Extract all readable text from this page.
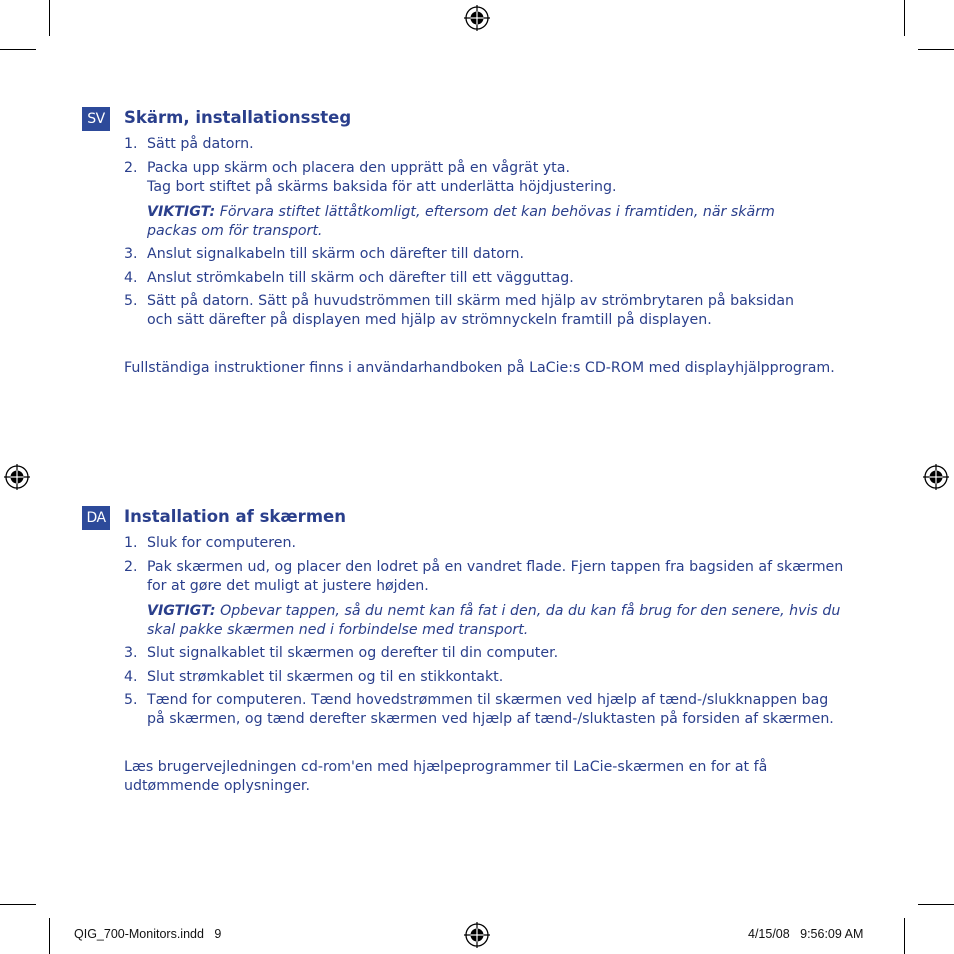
SV	Skärm, installationssteg
1. Sätt på datorn.
2. Packa upp skärm och placera den upprätt på en vågrät yta.
Tag bort stiftet på skärms baksida för att underlätta höjdjustering.
VIKTIGT: Förvara stiftet lättåtkomligt, eftersom det kan behövas i framtiden, när skärm
packas om för transport.
3. Anslut signalkabeln till skärm och därefter till datorn.
4. Anslut strömkabeln till skärm och därefter till ett vägguttag.
5. Sätt på datorn. Sätt på huvudströmmen till skärm med hjälp av strömbrytaren på baksidan
och sätt därefter på displayen med hjälp av strömnyckeln framtill på displayen.
Fullständiga instruktioner finns i användarhandboken på LaCie:s CD-ROM med displayhjälpprogram.
DA Installation af skærmen
1. Sluk for computeren.
2. Pak skærmen ud, og placer den lodret på en vandret flade. Fjern tappen fra bagsiden af skærmen
for at gøre det muligt at justere højden.
VIGTIGT: Opbevar tappen, så du nemt kan få fat i den, da du kan få brug for den senere, hvis du
skal pakke skærmen ned i forbindelse med transport.
3. Slut signalkablet til skærmen og derefter til din computer.
4. Slut strømkablet til skærmen og til en stikkontakt.
5. Tænd for computeren. Tænd hovedstrømmen til skærmen ved hjælp af tænd-/slukknappen bag
på skærmen, og tænd derefter skærmen ved hjælp af tænd-/sluktasten på forsiden af skærmen.
Læs brugervejledningen cd-rom'en med hjælpeprogrammer til LaCie-skærmen en for at få
udtømmende oplysninger.
QIG_700-Monitors.indd   9	4/15/08   9:56:09 AM
